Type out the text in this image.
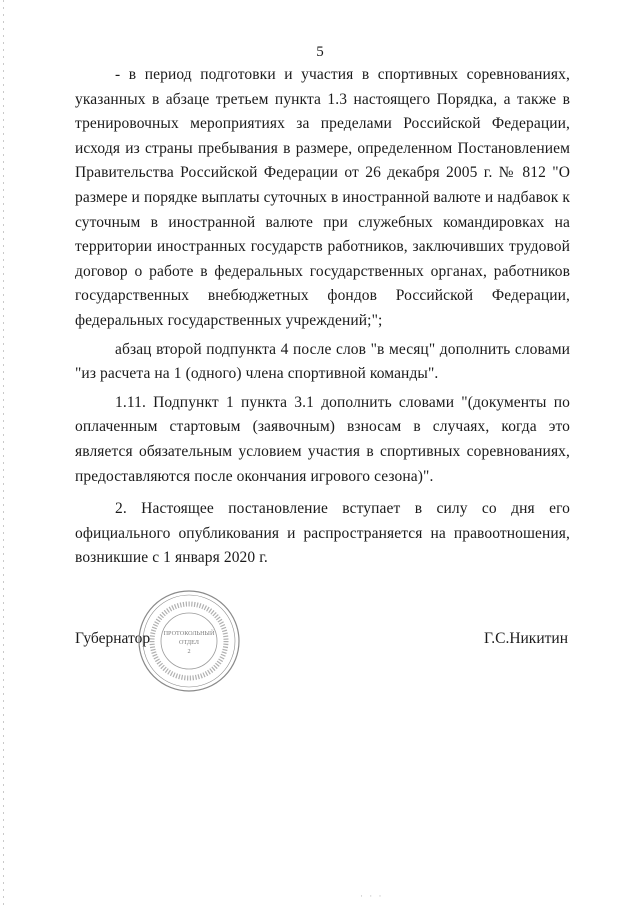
5

- в период подготовки и участия в спортивных соревнованиях, указанных в абзаце третьем пункта 1.3 настоящего Порядка, а также в тренировочных мероприятиях за пределами Российской Федерации, исходя из страны пребывания в размере, определенном Постановлением Правительства Российской Федерации от 26 декабря 2005 г. № 812 "О размере и порядке выплаты суточных в иностранной валюте и надбавок к суточным в иностранной валюте при служебных командировках на территории иностранных государств работников, заключивших трудовой договор о работе в федеральных государственных органах, работников государственных внебюджетных фондов Российской Федерации, федеральных государственных учреждений;";

абзац второй подпункта 4 после слов "в месяц" дополнить словами "из расчета на 1 (одного) члена спортивной команды".

1.11. Подпункт 1 пункта 3.1 дополнить словами "(документы по оплаченным стартовым (заявочным) взносам в случаях, когда это является обязательным условием участия в спортивных соревнованиях, предоставляются после окончания игрового сезона)".

2. Настоящее постановление вступает в силу со дня его официального опубликования и распространяется на правоотношения, возникшие с 1 января 2020 г.

Губернатор	Г.С.Никитин
ПРОТОКОЛЬНЫЙ
ОТДЕЛ
2
· · ·
